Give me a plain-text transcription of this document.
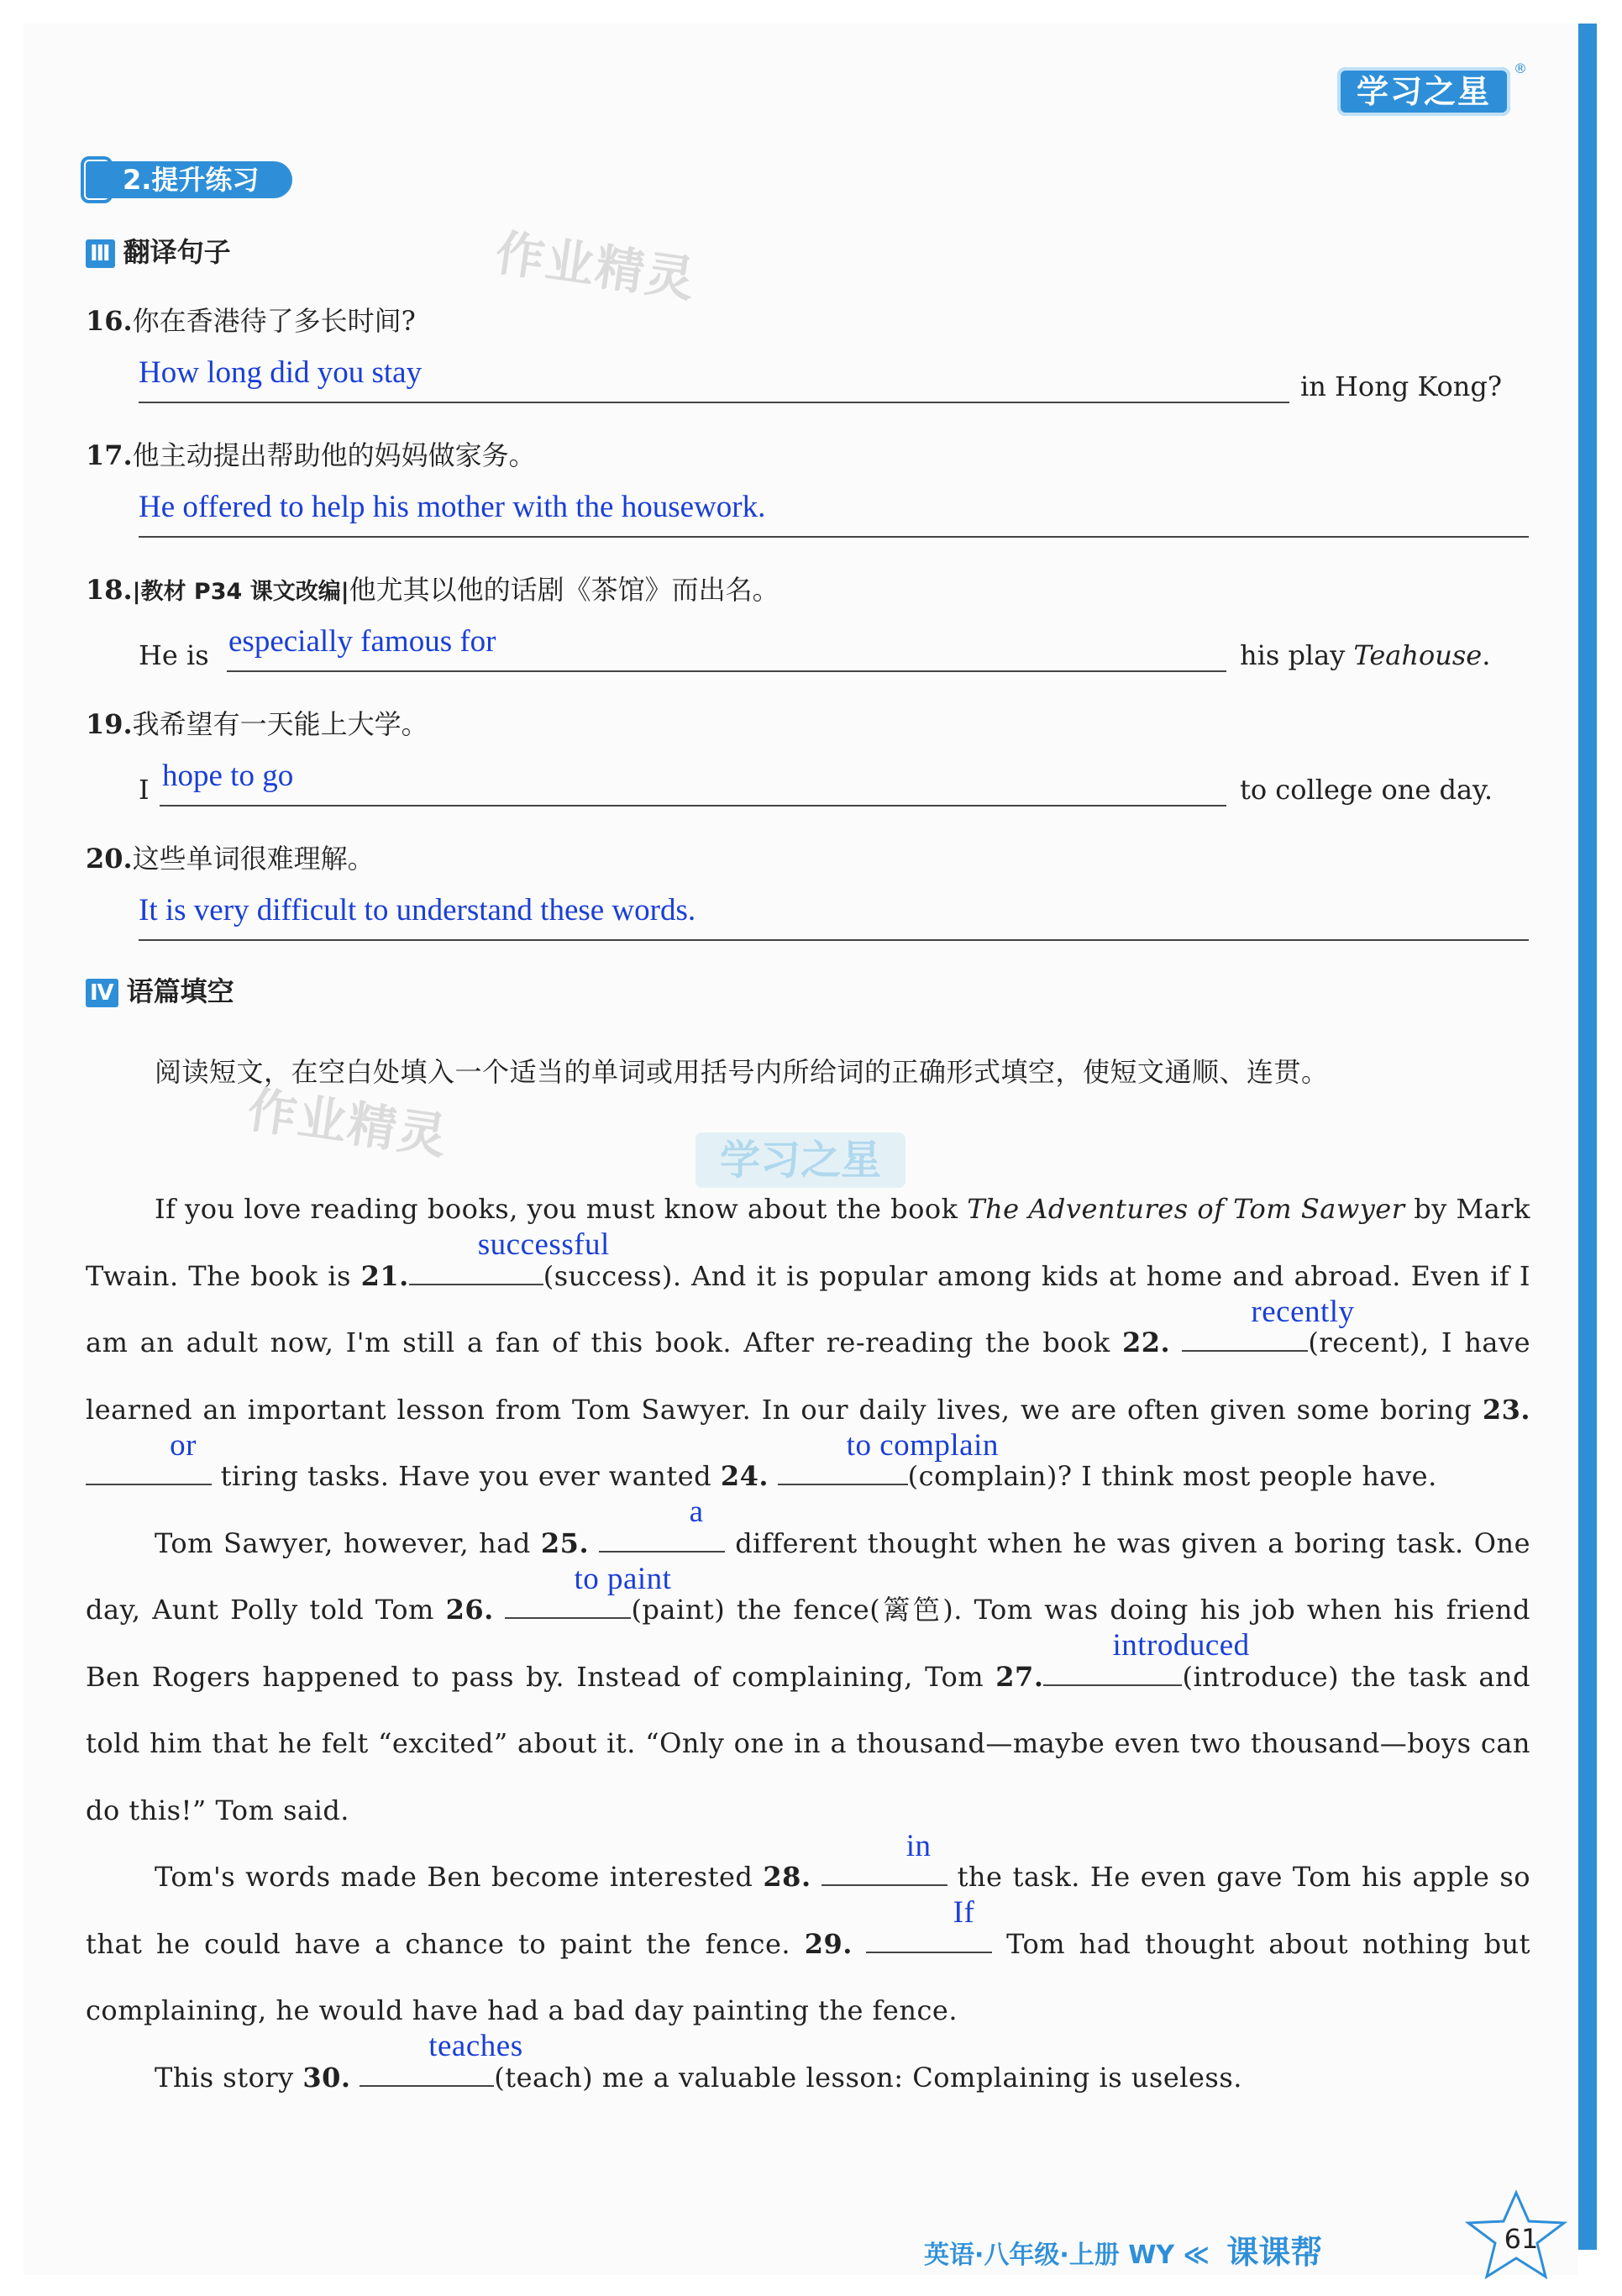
学习之星
®
2.提升练习
Ⅲ 翻译句子	作业精灵
16.你在香港待了多长时间?
How long did you stay	in Hong Kong?
17.他主动提出帮助他的妈妈做家务。
He offered to help his mother with the housework.
18.|教材 P34 课文改编|他尤其以他的话剧《茶馆》而出名。
He is especially famous for	his play Teahouse.
19.我希望有一天能上大学。
I hope to go	to college one day.
20.这些单词很难理解。
It is very difficult to understand these words.
Ⅳ 语篇填空
阅读短文，在空白处填入一个适当的单词或用括号内所给词的正确形式填空，使短文通顺、连贯。
作业精灵	学习之星
If you love reading books, you must know about the book The Adventures of Tom Sawyer by Mark Twain. The book is 21.
successful
(success). And it is popular among kids at home and abroad. Even if I am an adult now, I'm still a fan of this book. After re-reading the book 22.
recently
(recent), I have learned an important lesson from Tom Sawyer. In our daily lives, we are often given some boring 23.
or
tiring tasks. Have you ever wanted 24.
to complain
(complain)? I think most people have.
Tom Sawyer, however, had 25.
a
different thought when he was given a boring task. One day, Aunt Polly told Tom 26.
to paint
(paint) the fence(篱笆). Tom was doing his job when his friend Ben Rogers happened to pass by. Instead of complaining, Tom 27.
introduced
(introduce) the task and told him that he felt “excited” about it. “Only one in a thousand—maybe even two thousand—boys can do this!” Tom said.
Tom's words made Ben become interested 28.
in
the task. He even gave Tom his apple so that he could have a chance to paint the fence. 29.
If
Tom had thought about nothing but complaining, he would have had a bad day painting the fence.
This story 30.
teaches
(teach) me a valuable lesson: Complaining is useless.
英语·八年级·上册 WY ≪ 课课帮	61
